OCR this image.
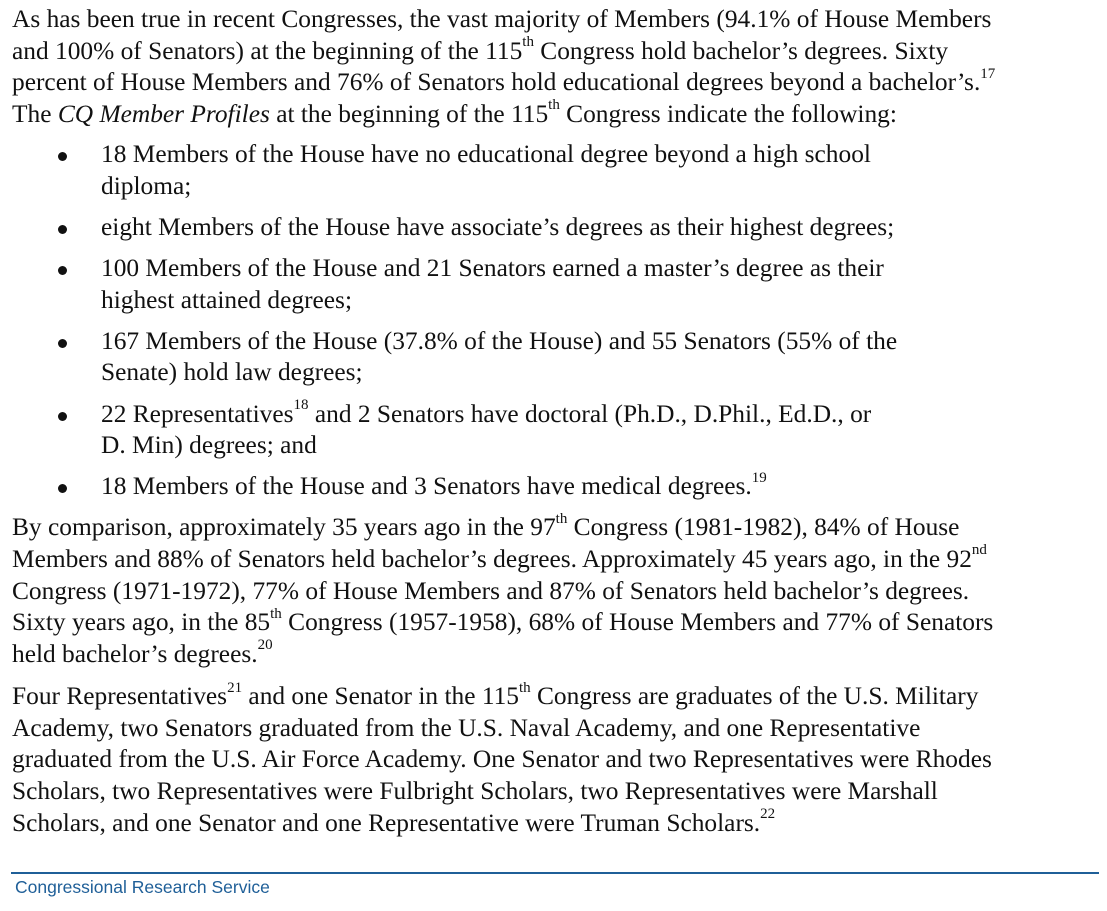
As has been true in recent Congresses, the vast majority of Members (94.1% of House Members
and 100% of Senators) at the beginning of the 115th Congress hold bachelor’s degrees. Sixty
percent of House Members and 76% of Senators hold educational degrees beyond a bachelor’s.$^{17}$
The CQ Member Profiles at the beginning of the 115th Congress indicate the following:

18 Members of the House have no educational degree beyond a high school
diploma;
eight Members of the House have associate’s degrees as their highest degrees;
100 Members of the House and 21 Senators earned a master’s degree as their
highest attained degrees;
167 Members of the House (37.8% of the House) and 55 Senators (55% of the
Senate) hold law degrees;
22 Representatives$^{18}$ and 2 Senators have doctoral (Ph.D., D.Phil., Ed.D., or
D. Min) degrees; and
18 Members of the House and 3 Senators have medical degrees.$^{19}$

By comparison, approximately 35 years ago in the 97th Congress (1981-1982), 84% of House
Members and 88% of Senators held bachelor’s degrees. Approximately 45 years ago, in the 92nd
Congress (1971-1972), 77% of House Members and 87% of Senators held bachelor’s degrees.
Sixty years ago, in the 85th Congress (1957-1958), 68% of House Members and 77% of Senators
held bachelor’s degrees.$^{20}$

Four Representatives$^{21}$ and one Senator in the 115th Congress are graduates of the U.S. Military
Academy, two Senators graduated from the U.S. Naval Academy, and one Representative
graduated from the U.S. Air Force Academy. One Senator and two Representatives were Rhodes
Scholars, two Representatives were Fulbright Scholars, two Representatives were Marshall
Scholars, and one Senator and one Representative were Truman Scholars.$^{22}$

Congressional Research Service
